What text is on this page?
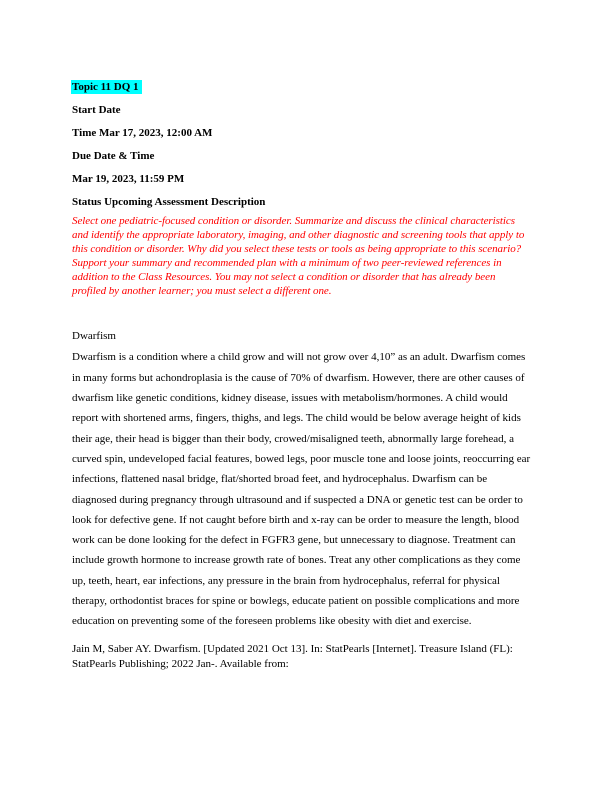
Topic 11 DQ 1
Start Date
Time Mar 17, 2023, 12:00 AM
Due Date & Time
Mar 19, 2023, 11:59 PM
Status Upcoming Assessment Description

Select one pediatric-focused condition or disorder. Summarize and discuss the clinical characteristics and identify the appropriate laboratory, imaging, and other diagnostic and screening tools that apply to this condition or disorder. Why did you select these tests or tools as being appropriate to this scenario? Support your summary and recommended plan with a minimum of two peer-reviewed references in addition to the Class Resources. You may not select a condition or disorder that has already been profiled by another learner; you must select a different one.

Dwarfism

Dwarfism is a condition where a child grow and will not grow over 4,10” as an adult. Dwarfism comes in many forms but achondroplasia is the cause of 70% of dwarfism. However, there are other causes of dwarfism like genetic conditions, kidney disease, issues with metabolism/hormones. A child would report with shortened arms, fingers, thighs, and legs. The child would be below average height of kids their age, their head is bigger than their body, crowed/misaligned teeth, abnormally large forehead, a curved spin, undeveloped facial features, bowed legs, poor muscle tone and loose joints, reoccurring ear infections, flattened nasal bridge, flat/shorted broad feet, and hydrocephalus. Dwarfism can be diagnosed during pregnancy through ultrasound and if suspected a DNA or genetic test can be order to look for defective gene. If not caught before birth and x-ray can be order to measure the length, blood work can be done looking for the defect in FGFR3 gene, but unnecessary to diagnose. Treatment can include growth hormone to increase growth rate of bones. Treat any other complications as they come up, teeth, heart, ear infections, any pressure in the brain from hydrocephalus, referral for physical therapy, orthodontist braces for spine or bowlegs, educate patient on possible complications and more education on preventing some of the foreseen problems like obesity with diet and exercise.

Jain M, Saber AY. Dwarfism. [Updated 2021 Oct 13]. In: StatPearls [Internet]. Treasure Island (FL): StatPearls Publishing; 2022 Jan-. Available from:
